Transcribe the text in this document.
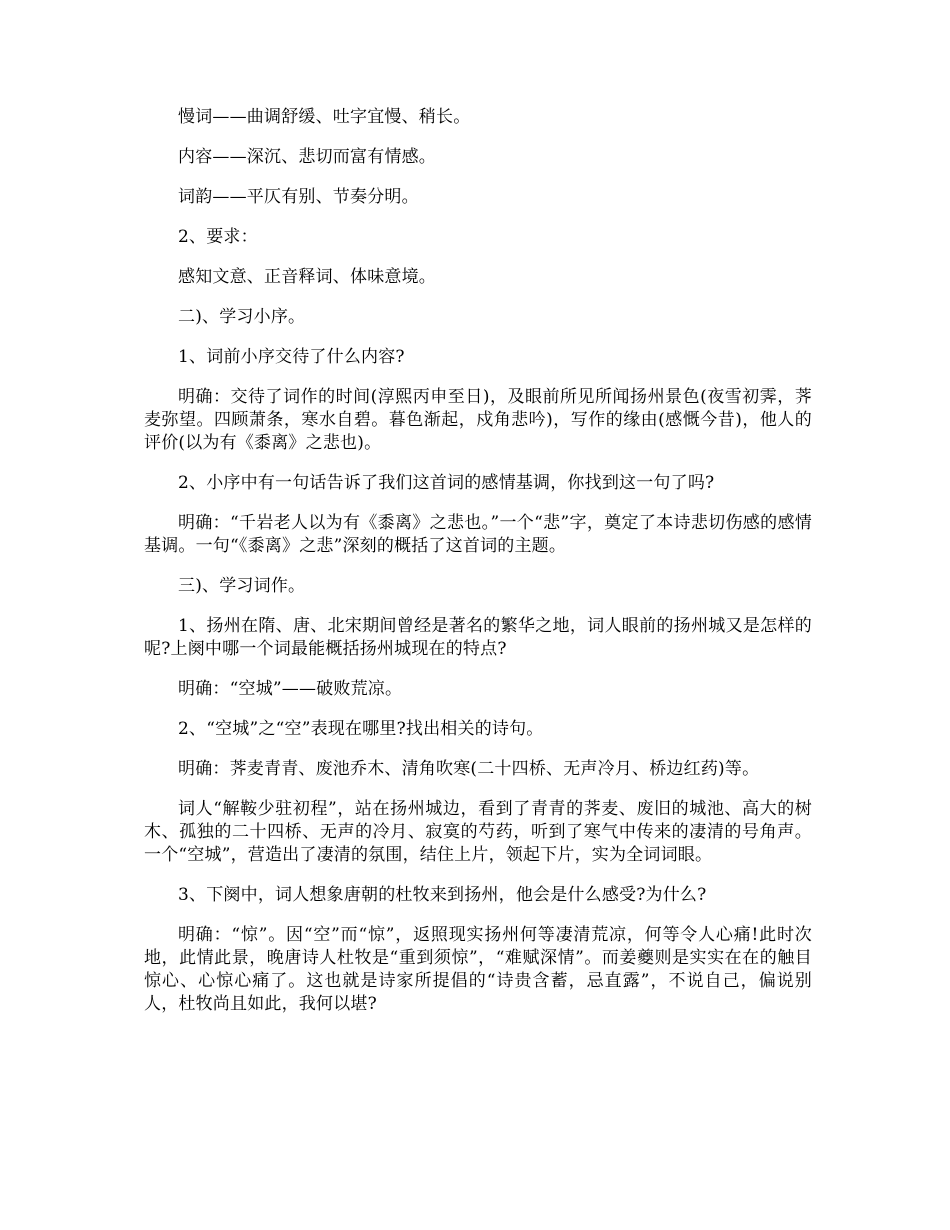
慢词——曲调舒缓、吐字宜慢、稍长。

内容——深沉、悲切而富有情感。

词韵——平仄有别、节奏分明。

2、要求：

感知文意、正音释词、体味意境。

二)、学习小序。

1、词前小序交待了什么内容?

明确：交待了词作的时间(淳熙丙申至日)，及眼前所见所闻扬州景色(夜雪初霁，荠麦弥望。四顾萧条，寒水自碧。暮色渐起，戍角悲吟)，写作的缘由(感慨今昔)，他人的评价(以为有《黍离》之悲也)。

2、小序中有一句话告诉了我们这首词的感情基调，你找到这一句了吗?

明确：“千岩老人以为有《黍离》之悲也。”一个“悲”字，奠定了本诗悲切伤感的感情基调。一句“《黍离》之悲”深刻的概括了这首词的主题。

三)、学习词作。

1、扬州在隋、唐、北宋期间曾经是著名的繁华之地，词人眼前的扬州城又是怎样的呢?上阕中哪一个词最能概括扬州城现在的特点?

明确：“空城”——破败荒凉。

2、“空城”之“空”表现在哪里?找出相关的诗句。

明确：荠麦青青、废池乔木、清角吹寒(二十四桥、无声冷月、桥边红药)等。

词人“解鞍少驻初程”，站在扬州城边，看到了青青的荠麦、废旧的城池、高大的树木、孤独的二十四桥、无声的冷月、寂寞的芍药，听到了寒气中传来的凄清的号角声。一个“空城”，营造出了凄清的氛围，结住上片，领起下片，实为全词词眼。

3、下阕中，词人想象唐朝的杜牧来到扬州，他会是什么感受?为什么?

明确：“惊”。因“空”而“惊”，返照现实扬州何等凄清荒凉，何等令人心痛!此时次地，此情此景，晚唐诗人杜牧是“重到须惊”，“难赋深情”。而姜夔则是实实在在的触目惊心、心惊心痛了。这也就是诗家所提倡的“诗贵含蓄，忌直露”，不说自己，偏说别人，杜牧尚且如此，我何以堪?
